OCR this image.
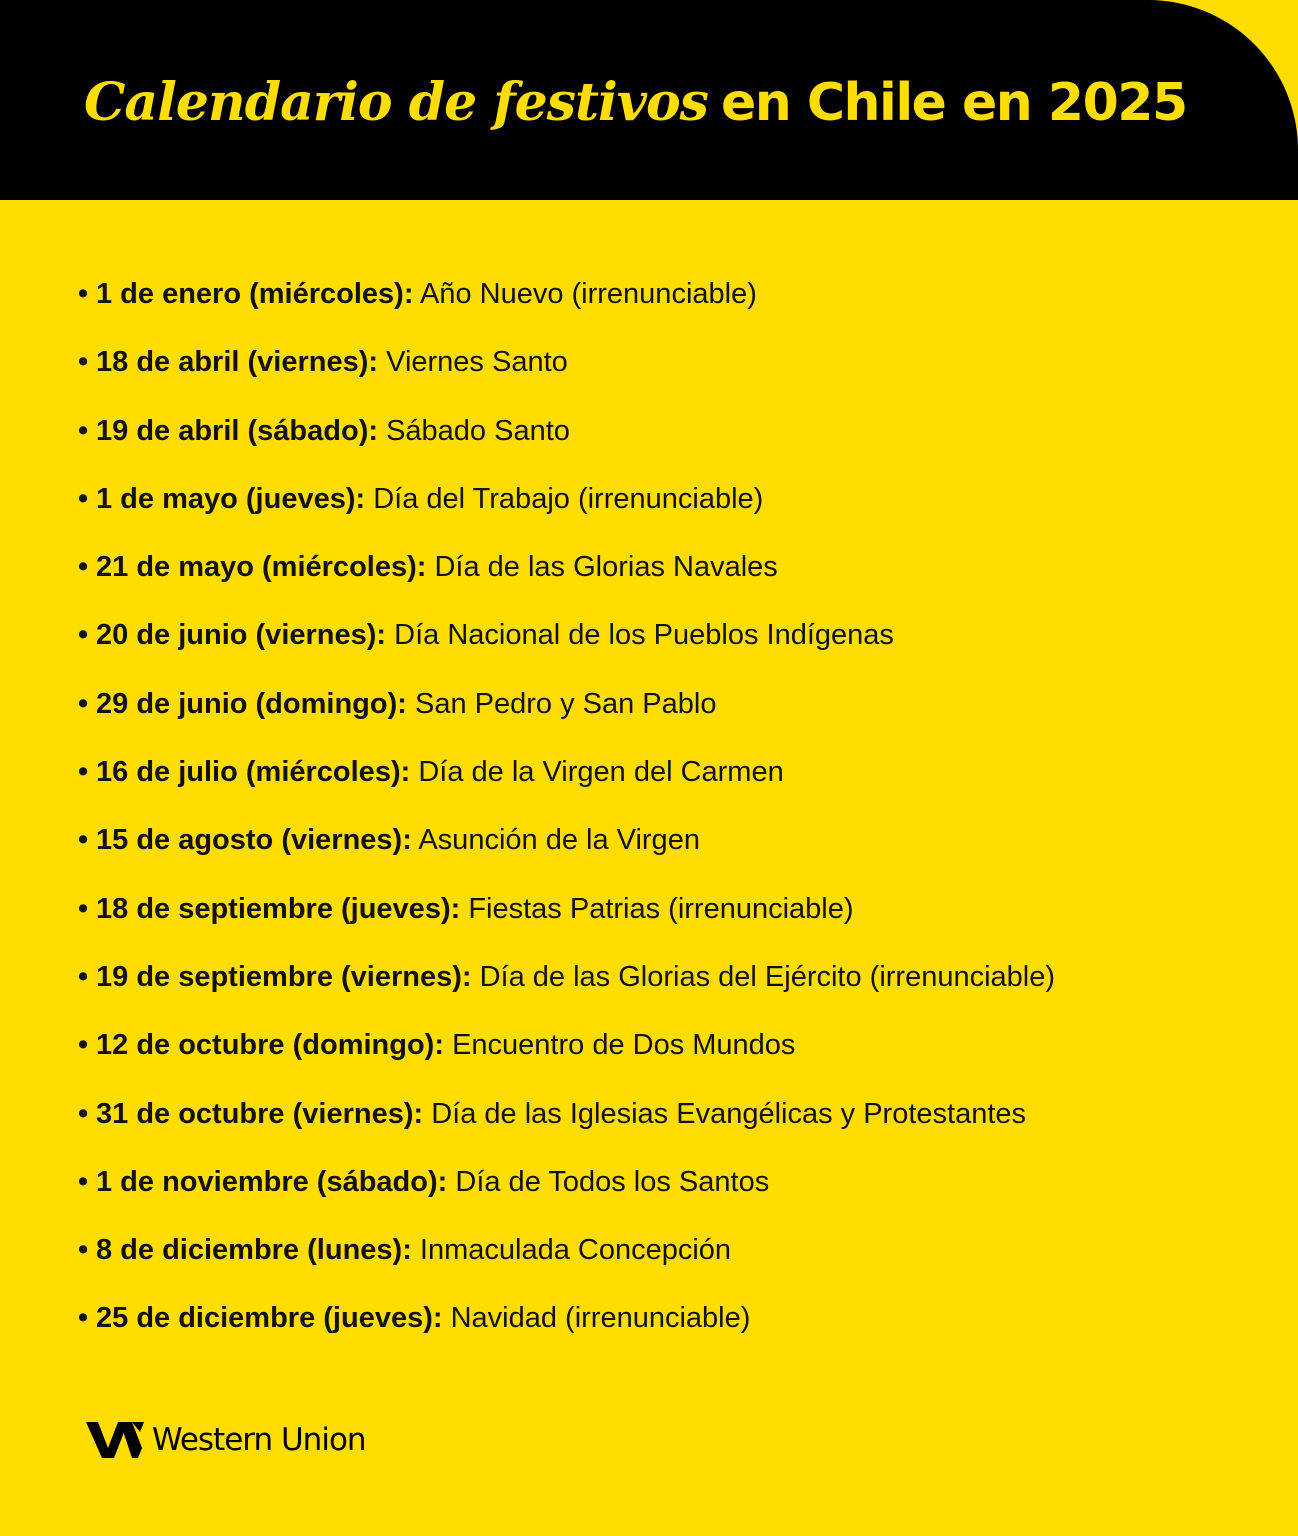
Calendario de festivos en Chile en 2025
• 1 de enero (miércoles): Año Nuevo (irrenunciable)
• 18 de abril (viernes): Viernes Santo
• 19 de abril (sábado): Sábado Santo
• 1 de mayo (jueves): Día del Trabajo (irrenunciable)
• 21 de mayo (miércoles): Día de las Glorias Navales
• 20 de junio (viernes): Día Nacional de los Pueblos Indígenas
• 29 de junio (domingo): San Pedro y San Pablo
• 16 de julio (miércoles): Día de la Virgen del Carmen
• 15 de agosto (viernes): Asunción de la Virgen
• 18 de septiembre (jueves): Fiestas Patrias (irrenunciable)
• 19 de septiembre (viernes): Día de las Glorias del Ejército (irrenunciable)
• 12 de octubre (domingo): Encuentro de Dos Mundos
• 31 de octubre (viernes): Día de las Iglesias Evangélicas y Protestantes
• 1 de noviembre (sábado): Día de Todos los Santos
• 8 de diciembre (lunes): Inmaculada Concepción
• 25 de diciembre (jueves): Navidad (irrenunciable)
Western Union
